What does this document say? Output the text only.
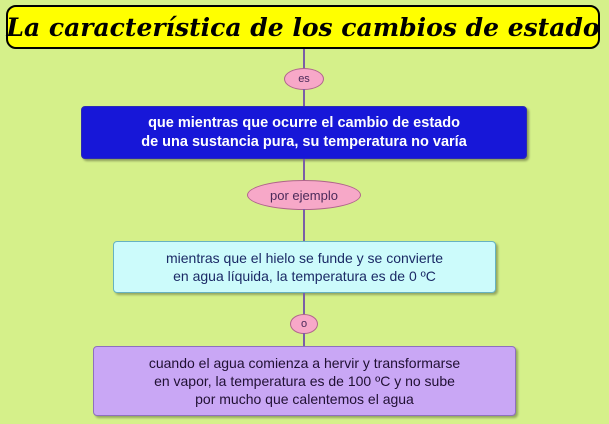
La característica de los cambios de estado
es
que mientras que ocurre el cambio de estado
de una sustancia pura, su temperatura no varía
por ejemplo
mientras que el hielo se funde y se convierte
en agua líquida, la temperatura es de 0 ºC
o
cuando el agua comienza a hervir y transformarse
en vapor, la temperatura es de 100 ºC y no sube
por mucho que calentemos el agua
